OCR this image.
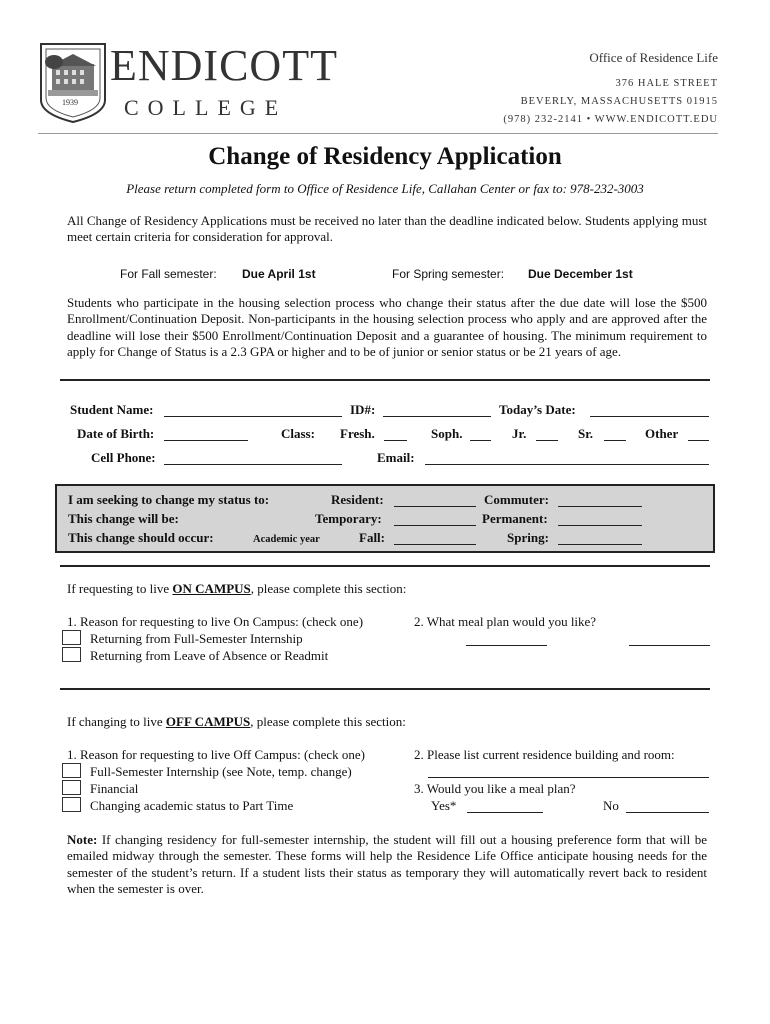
1939
ENDICOTT
COLLEGE
Office of Residence Life
376 HALE STREET
BEVERLY, MASSACHUSETTS 01915
(978) 232-2141 • WWW.ENDICOTT.EDU
Change of Residency Application
Please return completed form to Office of Residence Life, Callahan Center or fax to: 978-232-3003
All Change of Residency Applications must be received no later than the deadline indicated below. Students applying must meet certain criteria for consideration for approval.
For Fall semester: Due April 1st	For Spring semester: Due December 1st
Students who participate in the housing selection process who change their status after the due date will lose the $500 Enrollment/Continuation Deposit. Non-participants in the housing selection process who apply and are approved after the deadline will lose their $500 Enrollment/Continuation Deposit and a guarantee of housing. The minimum requirement to apply for Change of Status is a 2.3 GPA or higher and to be of junior or senior status or be 21 years of age.
Student Name:	ID#:	Today’s Date:
Date of Birth:	Class: Fresh.	Soph.	Jr.	Sr.	Other
Cell Phone:	Email:
I am seeking to change my status to:	Resident:	Commuter:
This change will be:	Temporary:	Permanent:
This change should occur:	Academic year	Fall:	Spring:
If requesting to live ON CAMPUS, please complete this section:
1. Reason for requesting to live On Campus: (check one)
Returning from Full-Semester Internship
Returning from Leave of Absence or Readmit
2. What meal plan would you like?
If changing to live OFF CAMPUS, please complete this section:
1. Reason for requesting to live Off Campus: (check one)
Full-Semester Internship (see Note, temp. change)
Financial
Changing academic status to Part Time
2. Please list current residence building and room:
3. Would you like a meal plan?
Yes*	No
Note: If changing residency for full-semester internship, the student will fill out a housing preference form that will be emailed midway through the semester. These forms will help the Residence Life Office anticipate housing needs for the semester of the student’s return. If a student lists their status as temporary they will automatically revert back to resident when the semester is over.
